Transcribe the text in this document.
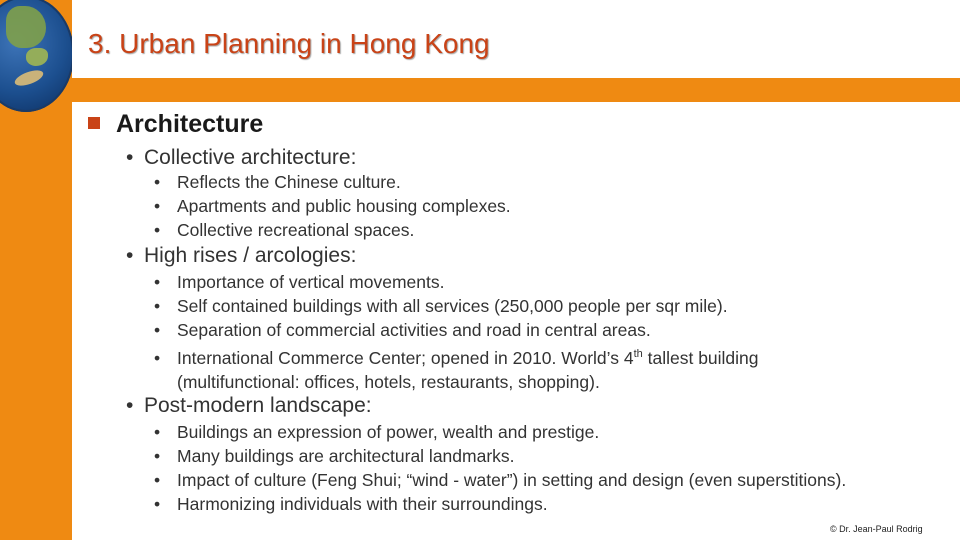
3. Urban Planning in Hong Kong
Architecture
• Collective architecture:
• Reflects the Chinese culture.
• Apartments and public housing complexes.
• Collective recreational spaces.
• High rises / arcologies:
• Importance of vertical movements.
• Self contained buildings with all services (250,000 people per sqr mile).
• Separation of commercial activities and road in central areas.
• International Commerce Center; opened in 2010. World’s 4th tallest building
(multifunctional: offices, hotels, restaurants, shopping).
• Post-modern landscape:
• Buildings an expression of power, wealth and prestige.
• Many buildings are architectural landmarks.
• Impact of culture (Feng Shui; “wind - water”) in setting and design (even superstitions).
• Harmonizing individuals with their surroundings.
© Dr. Jean-Paul Rodrig
